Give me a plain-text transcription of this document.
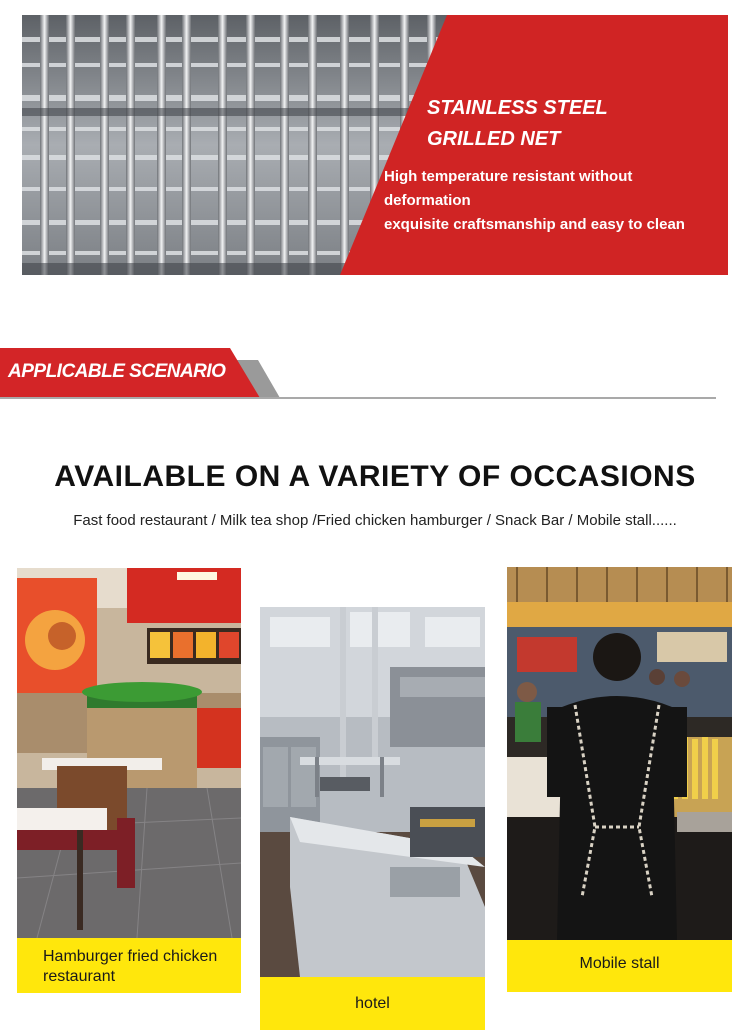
STAINLESS STEEL
GRILLED NET
High temperature resistant without
deformation
exquisite craftsmanship and easy to clean
APPLICABLE SCENARIO
AVAILABLE ON A VARIETY OF OCCASIONS
Fast food restaurant / Milk tea shop /Fried chicken hamburger / Snack Bar / Mobile stall......
Hamburger fried chicken restaurant
hotel
Mobile stall
